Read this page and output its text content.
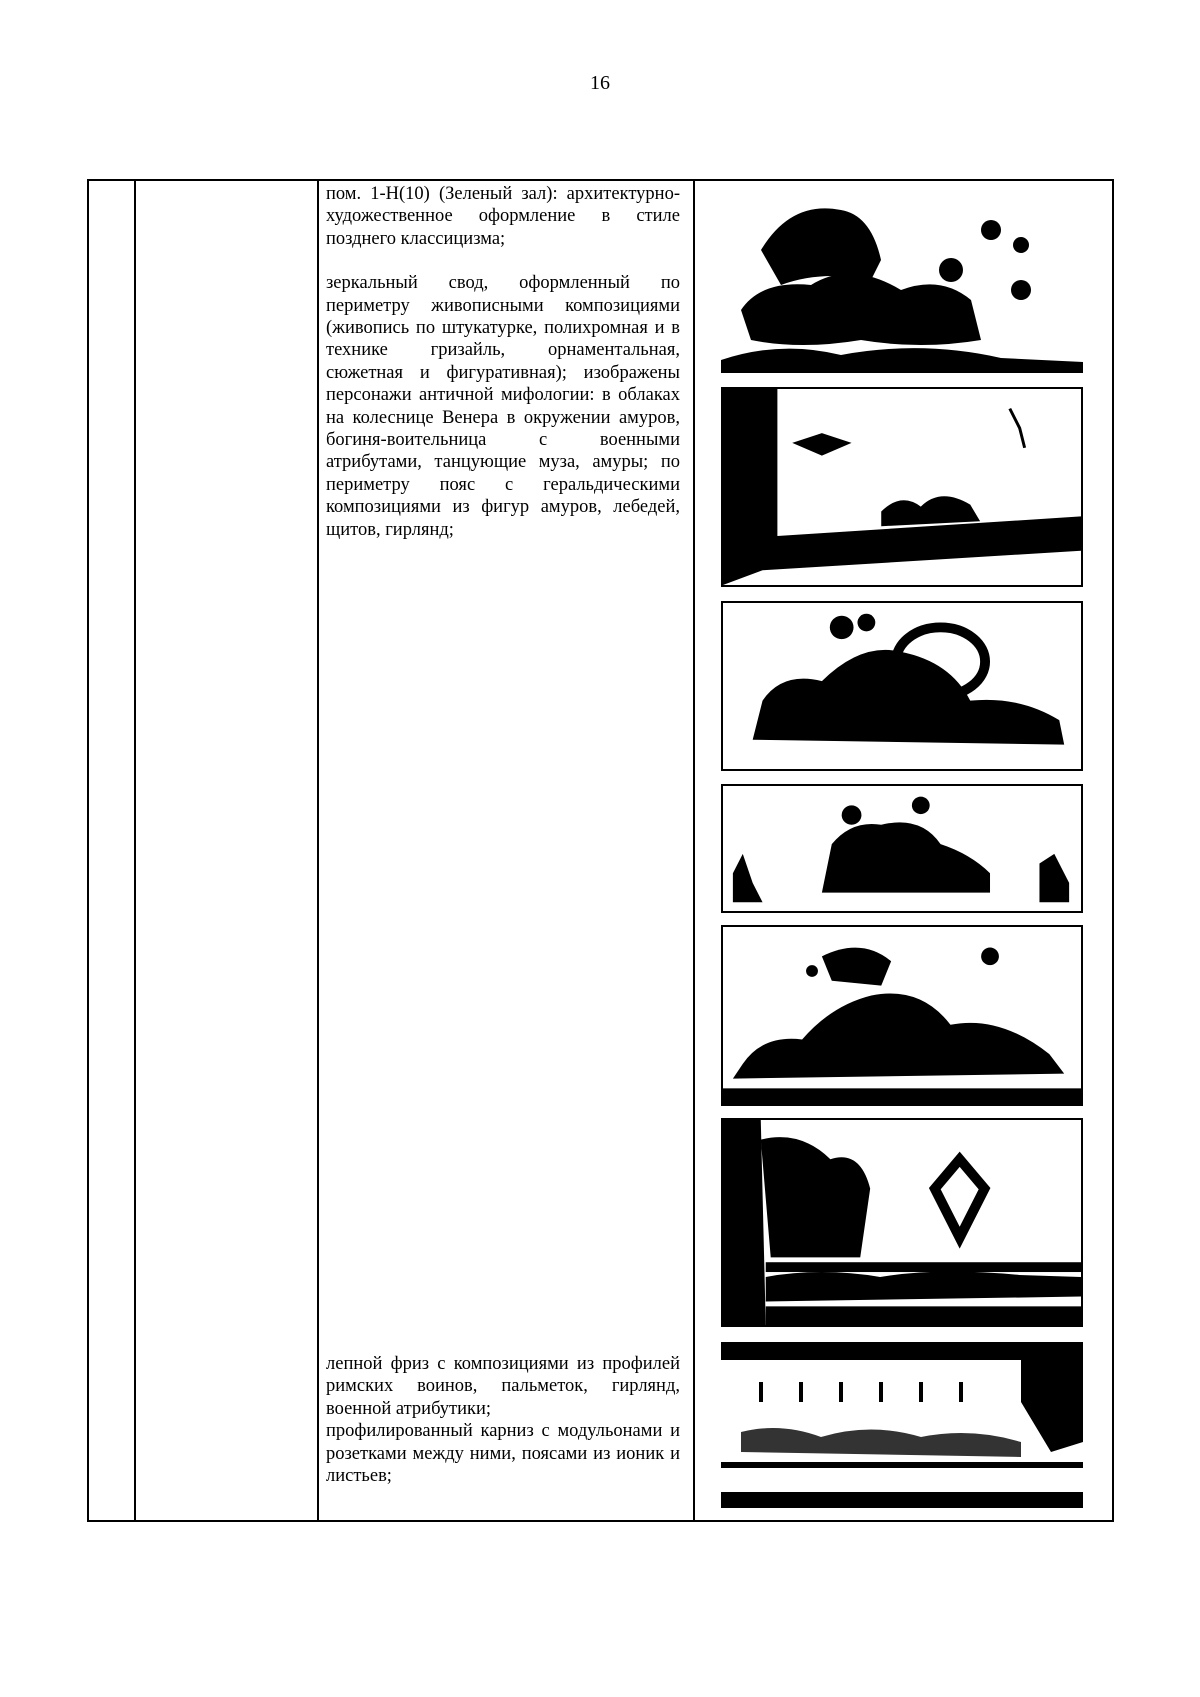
16

пом. 1-Н(10) (Зеленый зал): архитектурно-художественное оформление в стиле позднего классицизма;

зеркальный свод, оформленный по периметру живописными композициями (живопись по штукатурке, полихромная и в технике гризайль, орнаментальная, сюжетная и фигуративная); изображены персонажи античной мифологии: в облаках на колеснице Венера в окружении амуров, богиня-воительница с военными атрибутами, танцующие муза, амуры; по периметру пояс с геральдическими композициями из фигур амуров, лебедей, щитов, гирлянд;

лепной фриз с композициями из профилей римских воинов, пальметок, гирлянд, военной атрибутики;

профилированный карниз с модульонами и розетками между ними, поясами из ионик и листьев;
